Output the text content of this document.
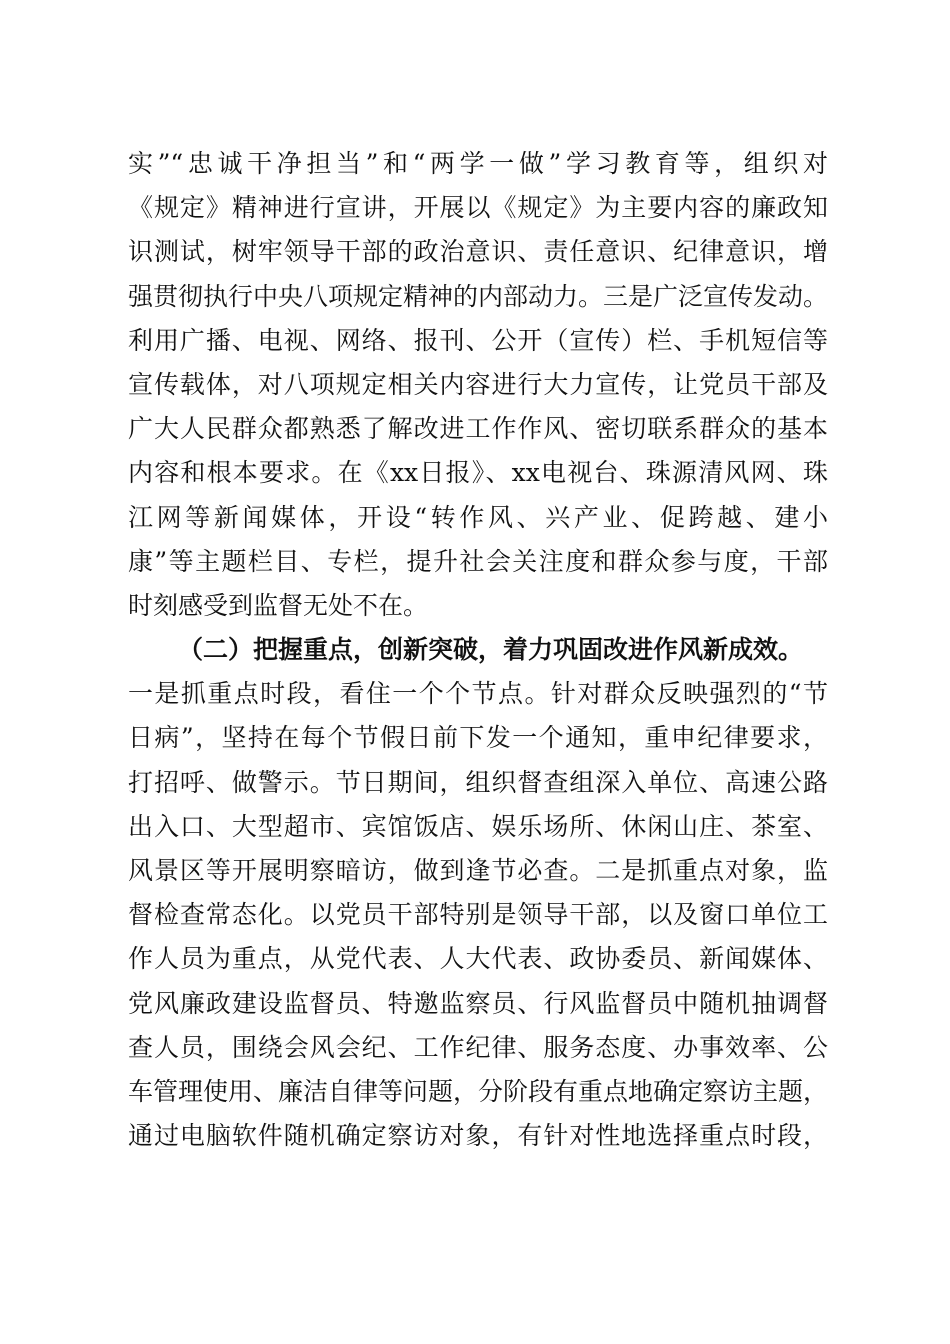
实”“忠诚干净担当”和“两学一做”学习教育等，组织对
《规定》精神进行宣讲，开展以《规定》为主要内容的廉政知
识测试，树牢领导干部的政治意识、责任意识、纪律意识，增
强贯彻执行中央八项规定精神的内部动力。三是广泛宣传发动。
利用广播、电视、网络、报刊、公开（宣传）栏、手机短信等
宣传载体，对八项规定相关内容进行大力宣传，让党员干部及
广大人民群众都熟悉了解改进工作作风、密切联系群众的基本
内容和根本要求。在《xx日报》、xx电视台、珠源清风网、珠
江网等新闻媒体，开设“转作风、兴产业、促跨越、建小
康”等主题栏目、专栏，提升社会关注度和群众参与度，干部
时刻感受到监督无处不在。
（二）把握重点，创新突破，着力巩固改进作风新成效。
一是抓重点时段，看住一个个节点。针对群众反映强烈的“节
日病”，坚持在每个节假日前下发一个通知，重申纪律要求，
打招呼、做警示。节日期间，组织督查组深入单位、高速公路
出入口、大型超市、宾馆饭店、娱乐场所、休闲山庄、茶室、
风景区等开展明察暗访，做到逢节必查。二是抓重点对象，监
督检查常态化。以党员干部特别是领导干部，以及窗口单位工
作人员为重点，从党代表、人大代表、政协委员、新闻媒体、
党风廉政建设监督员、特邀监察员、行风监督员中随机抽调督
查人员，围绕会风会纪、工作纪律、服务态度、办事效率、公
车管理使用、廉洁自律等问题，分阶段有重点地确定察访主题，
通过电脑软件随机确定察访对象，有针对性地选择重点时段，
